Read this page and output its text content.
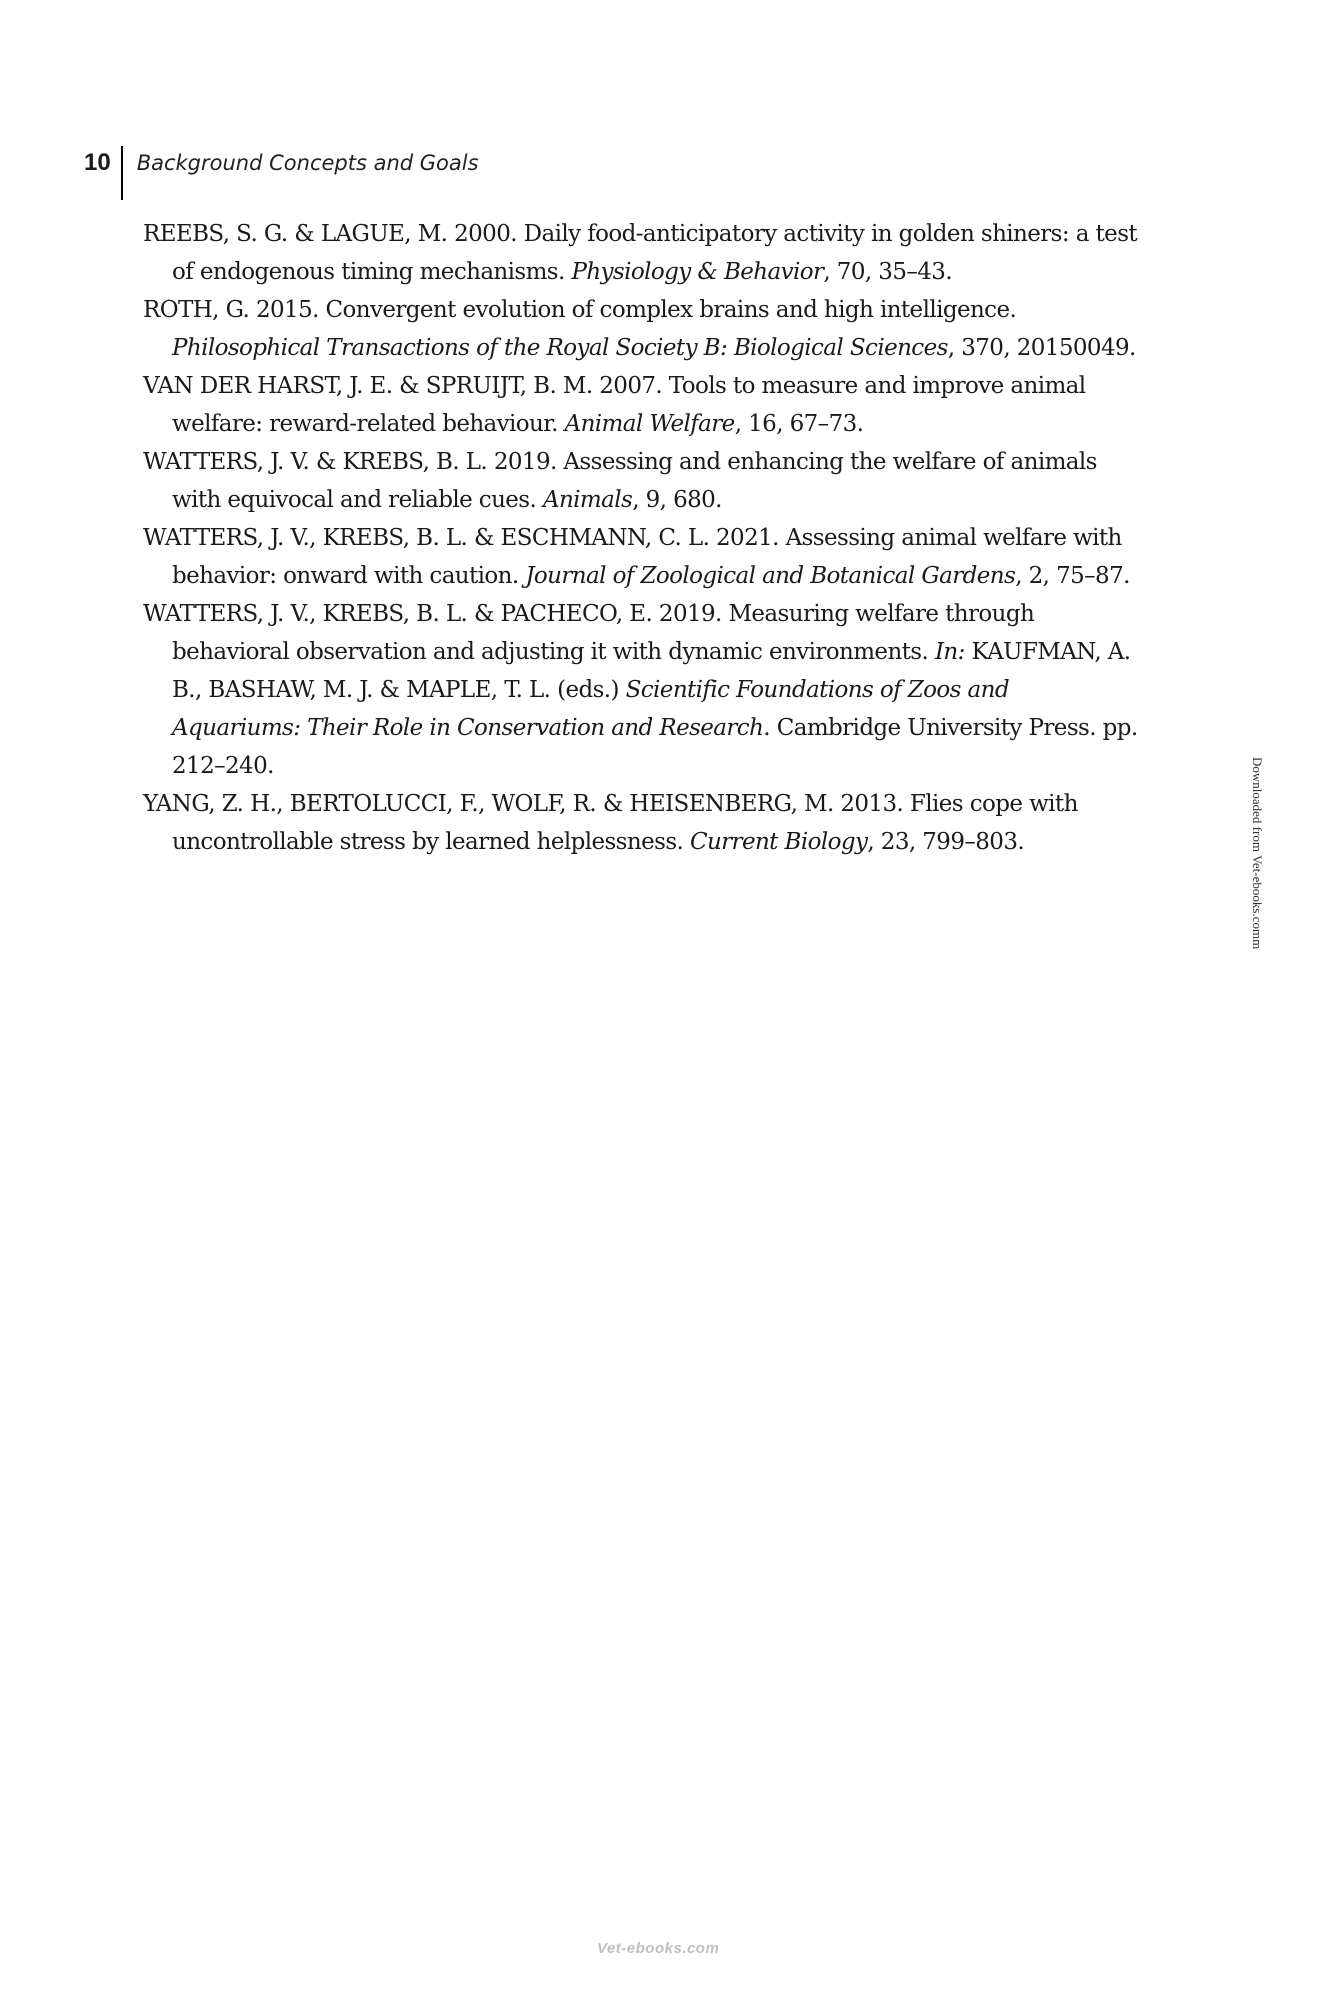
10	Background Concepts and Goals
REEBS, S. G. & LAGUE, M. 2000. Daily food-anticipatory activity in golden shiners: a test of endogenous timing mechanisms. Physiology & Behavior, 70, 35–43.
ROTH, G. 2015. Convergent evolution of complex brains and high intelligence. Philosophical Transactions of the Royal Society B: Biological Sciences, 370, 20150049.
VAN DER HARST, J. E. & SPRUIJT, B. M. 2007. Tools to measure and improve animal welfare: reward-related behaviour. Animal Welfare, 16, 67–73.
WATTERS, J. V. & KREBS, B. L. 2019. Assessing and enhancing the welfare of animals with equivocal and reliable cues. Animals, 9, 680.
WATTERS, J. V., KREBS, B. L. & ESCHMANN, C. L. 2021. Assessing animal welfare with behavior: onward with caution. Journal of Zoological and Botanical Gardens, 2, 75–87.
WATTERS, J. V., KREBS, B. L. & PACHECO, E. 2019. Measuring welfare through behavioral observation and adjusting it with dynamic environments. In: KAUFMAN, A. B., BASHAW, M. J. & MAPLE, T. L. (eds.) Scientific Foundations of Zoos and Aquariums: Their Role in Conservation and Research. Cambridge University Press. pp. 212–240.
YANG, Z. H., BERTOLUCCI, F., WOLF, R. & HEISENBERG, M. 2013. Flies cope with uncontrollable stress by learned helplessness. Current Biology, 23, 799–803.	Downloaded from Vet-ebooks.comm
Vet-ebooks.com
